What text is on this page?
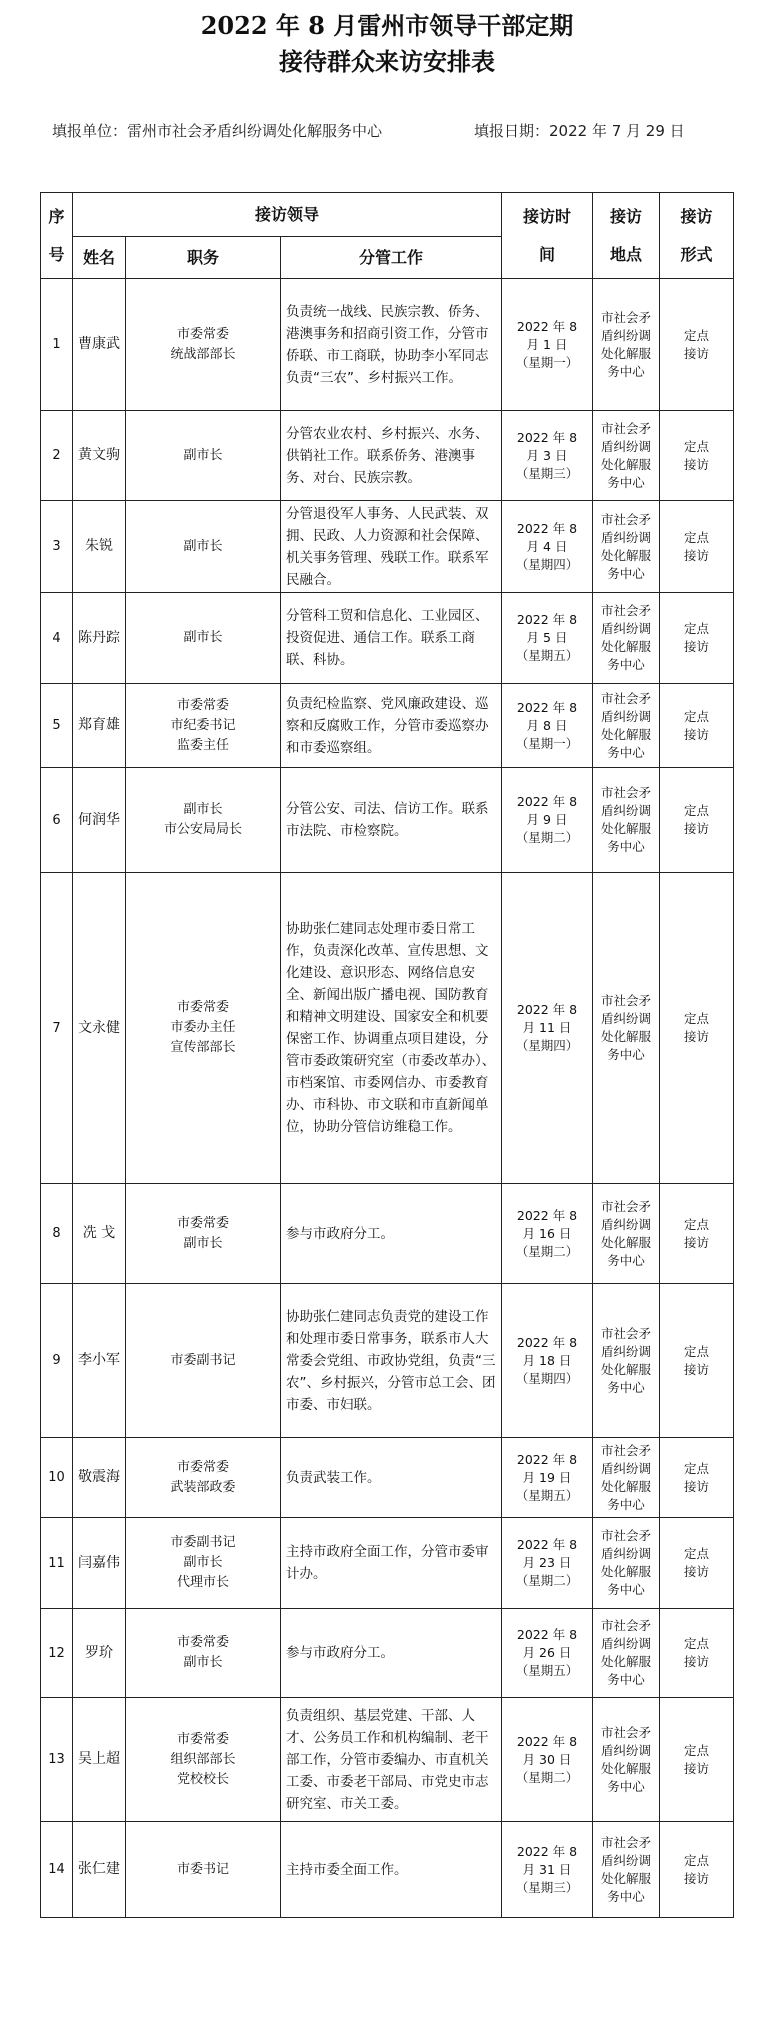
2022 年 8 月雷州市领导干部定期
接待群众来访安排表
填报单位：雷州市社会矛盾纠纷调处化解服务中心	填报日期：2022 年 7 月 29 日
序号	接访领导			接访时间	接访地点	接访形式
	姓名	职务	分管工作			
1	曹康武	市委常委
统战部部长	负责统一战线、民族宗教、侨务、港澳事务和招商引资工作，分管市侨联、市工商联，协助李小军同志负责“三农”、乡村振兴工作。	2022 年 8
月 1 日
（星期一）	市社会矛
盾纠纷调
处化解服
务中心	定点
接访

2	黄文驹	副市长	分管农业农村、乡村振兴、水务、供销社工作。联系侨务、港澳事务、对台、民族宗教。	2022 年 8
月 3 日
（星期三）	市社会矛
盾纠纷调
处化解服
务中心	定点
接访

3	朱锐	副市长	分管退役军人事务、人民武装、双拥、民政、人力资源和社会保障、机关事务管理、残联工作。联系军民融合。	2022 年 8
月 4 日
（星期四）	市社会矛
盾纠纷调
处化解服
务中心	定点
接访

4	陈丹踪	副市长	分管科工贸和信息化、工业园区、投资促进、通信工作。联系工商联、科协。	2022 年 8
月 5 日
（星期五）	市社会矛
盾纠纷调
处化解服
务中心	定点
接访

5	郑育雄	市委常委
市纪委书记
监委主任	负责纪检监察、党风廉政建设、巡察和反腐败工作，分管市委巡察办和市委巡察组。	2022 年 8
月 8 日
（星期一）	市社会矛
盾纠纷调
处化解服
务中心	定点
接访

6	何润华	副市长
市公安局局长	分管公安、司法、信访工作。联系市法院、市检察院。	2022 年 8
月 9 日
（星期二）	市社会矛
盾纠纷调
处化解服
务中心	定点
接访

7	文永健	市委常委
市委办主任
宣传部部长	协助张仁建同志处理市委日常工作，负责深化改革、宣传思想、文化建设、意识形态、网络信息安全、新闻出版广播电视、国防教育和精神文明建设、国家安全和机要保密工作、协调重点项目建设，分管市委政策研究室（市委改革办）、市档案馆、市委网信办、市委教育办、市科协、市文联和市直新闻单位，协助分管信访维稳工作。	2022 年 8
月 11 日
（星期四）	市社会矛
盾纠纷调
处化解服
务中心	定点
接访

8	冼 戈	市委常委
副市长	参与市政府分工。	2022 年 8
月 16 日
（星期二）	市社会矛
盾纠纷调
处化解服
务中心	定点
接访

9	李小军	市委副书记	协助张仁建同志负责党的建设工作和处理市委日常事务，联系市人大常委会党组、市政协党组，负责“三农”、乡村振兴，分管市总工会、团市委、市妇联。	2022 年 8
月 18 日
（星期四）	市社会矛
盾纠纷调
处化解服
务中心	定点
接访

10	敬震海	市委常委
武装部政委	负责武装工作。	2022 年 8
月 19 日
（星期五）	市社会矛
盾纠纷调
处化解服
务中心	定点
接访

11	闫嘉伟	市委副书记
副市长
代理市长	主持市政府全面工作，分管市委审计办。	2022 年 8
月 23 日
（星期二）	市社会矛
盾纠纷调
处化解服
务中心	定点
接访

12	罗玠	市委常委
副市长	参与市政府分工。	2022 年 8
月 26 日
（星期五）	市社会矛
盾纠纷调
处化解服
务中心	定点
接访

13	吴上超	市委常委
组织部部长
党校校长	负责组织、基层党建、干部、人才、公务员工作和机构编制、老干部工作，分管市委编办、市直机关工委、市委老干部局、市党史市志研究室、市关工委。	2022 年 8
月 30 日
（星期二）	市社会矛
盾纠纷调
处化解服
务中心	定点
接访

14	张仁建	市委书记	主持市委全面工作。	2022 年 8
月 31 日
（星期三）	市社会矛
盾纠纷调
处化解服
务中心	定点
接访
